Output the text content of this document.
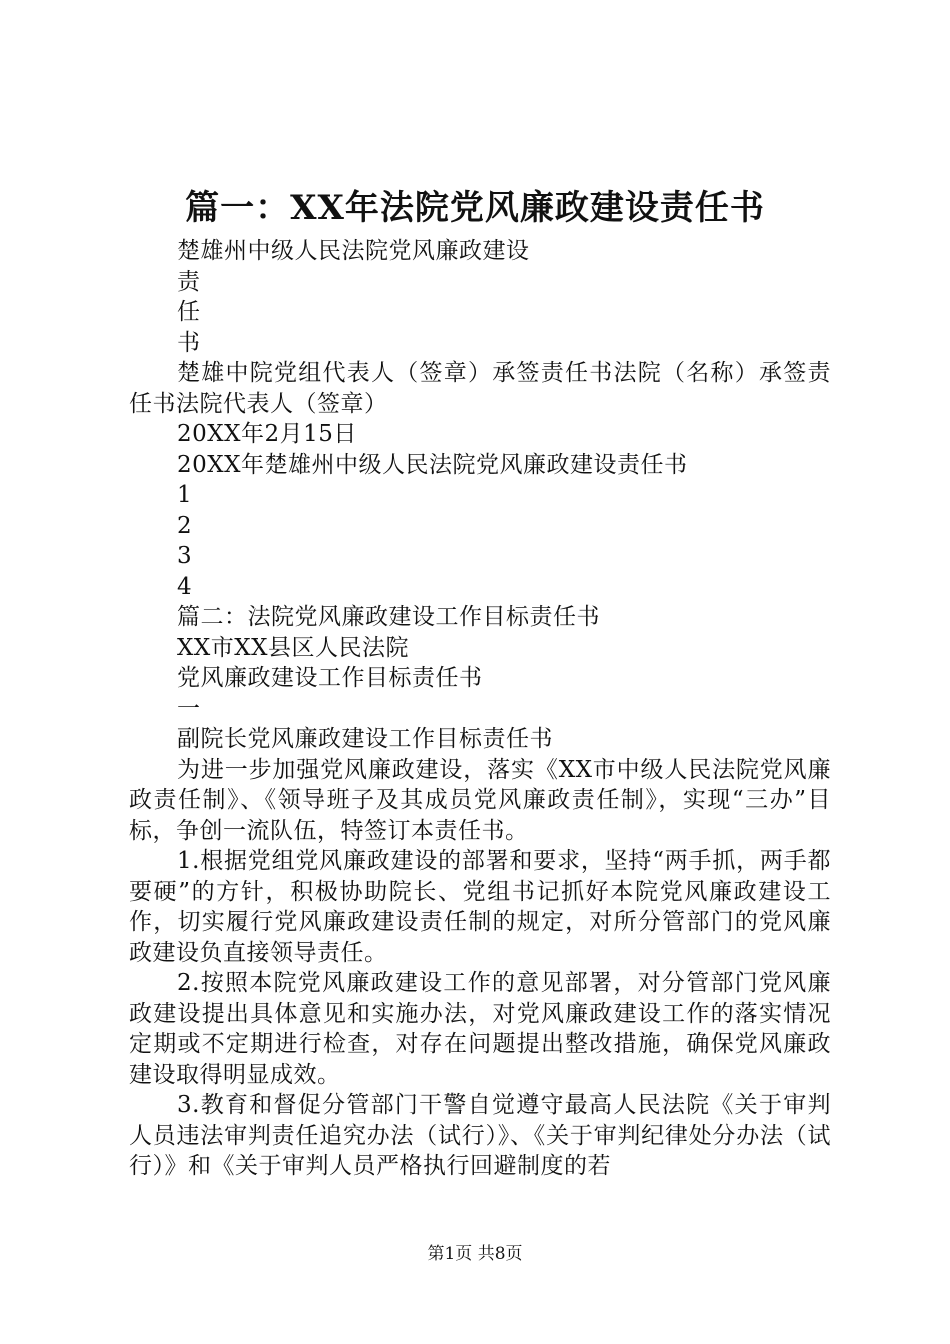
篇一：XX年法院党风廉政建设责任书
楚雄州中级人民法院党风廉政建设
责
任
书
楚雄中院党组代表人（签章）承签责任书法院（名称）承签责任书法院代表人（签章）
20XX年2月15日
20XX年楚雄州中级人民法院党风廉政建设责任书
1
2
3
4
篇二：法院党风廉政建设工作目标责任书
XX市XX县区人民法院
党风廉政建设工作目标责任书
一
副院长党风廉政建设工作目标责任书
为进一步加强党风廉政建设，落实《XX市中级人民法院党风廉政责任制》、《领导班子及其成员党风廉政责任制》，实现“三办”目标，争创一流队伍，特签订本责任书。
1.根据党组党风廉政建设的部署和要求，坚持“两手抓，两手都要硬”的方针，积极协助院长、党组书记抓好本院党风廉政建设工作，切实履行党风廉政建设责任制的规定，对所分管部门的党风廉政建设负直接领导责任。
2.按照本院党风廉政建设工作的意见部署，对分管部门党风廉政建设提出具体意见和实施办法，对党风廉政建设工作的落实情况定期或不定期进行检查，对存在问题提出整改措施，确保党风廉政建设取得明显成效。
3.教育和督促分管部门干警自觉遵守最高人民法院《关于审判人员违法审判责任追究办法（试行）》、《关于审判纪律处分办法（试行）》和《关于审判人员严格执行回避制度的若
第1页 共8页
